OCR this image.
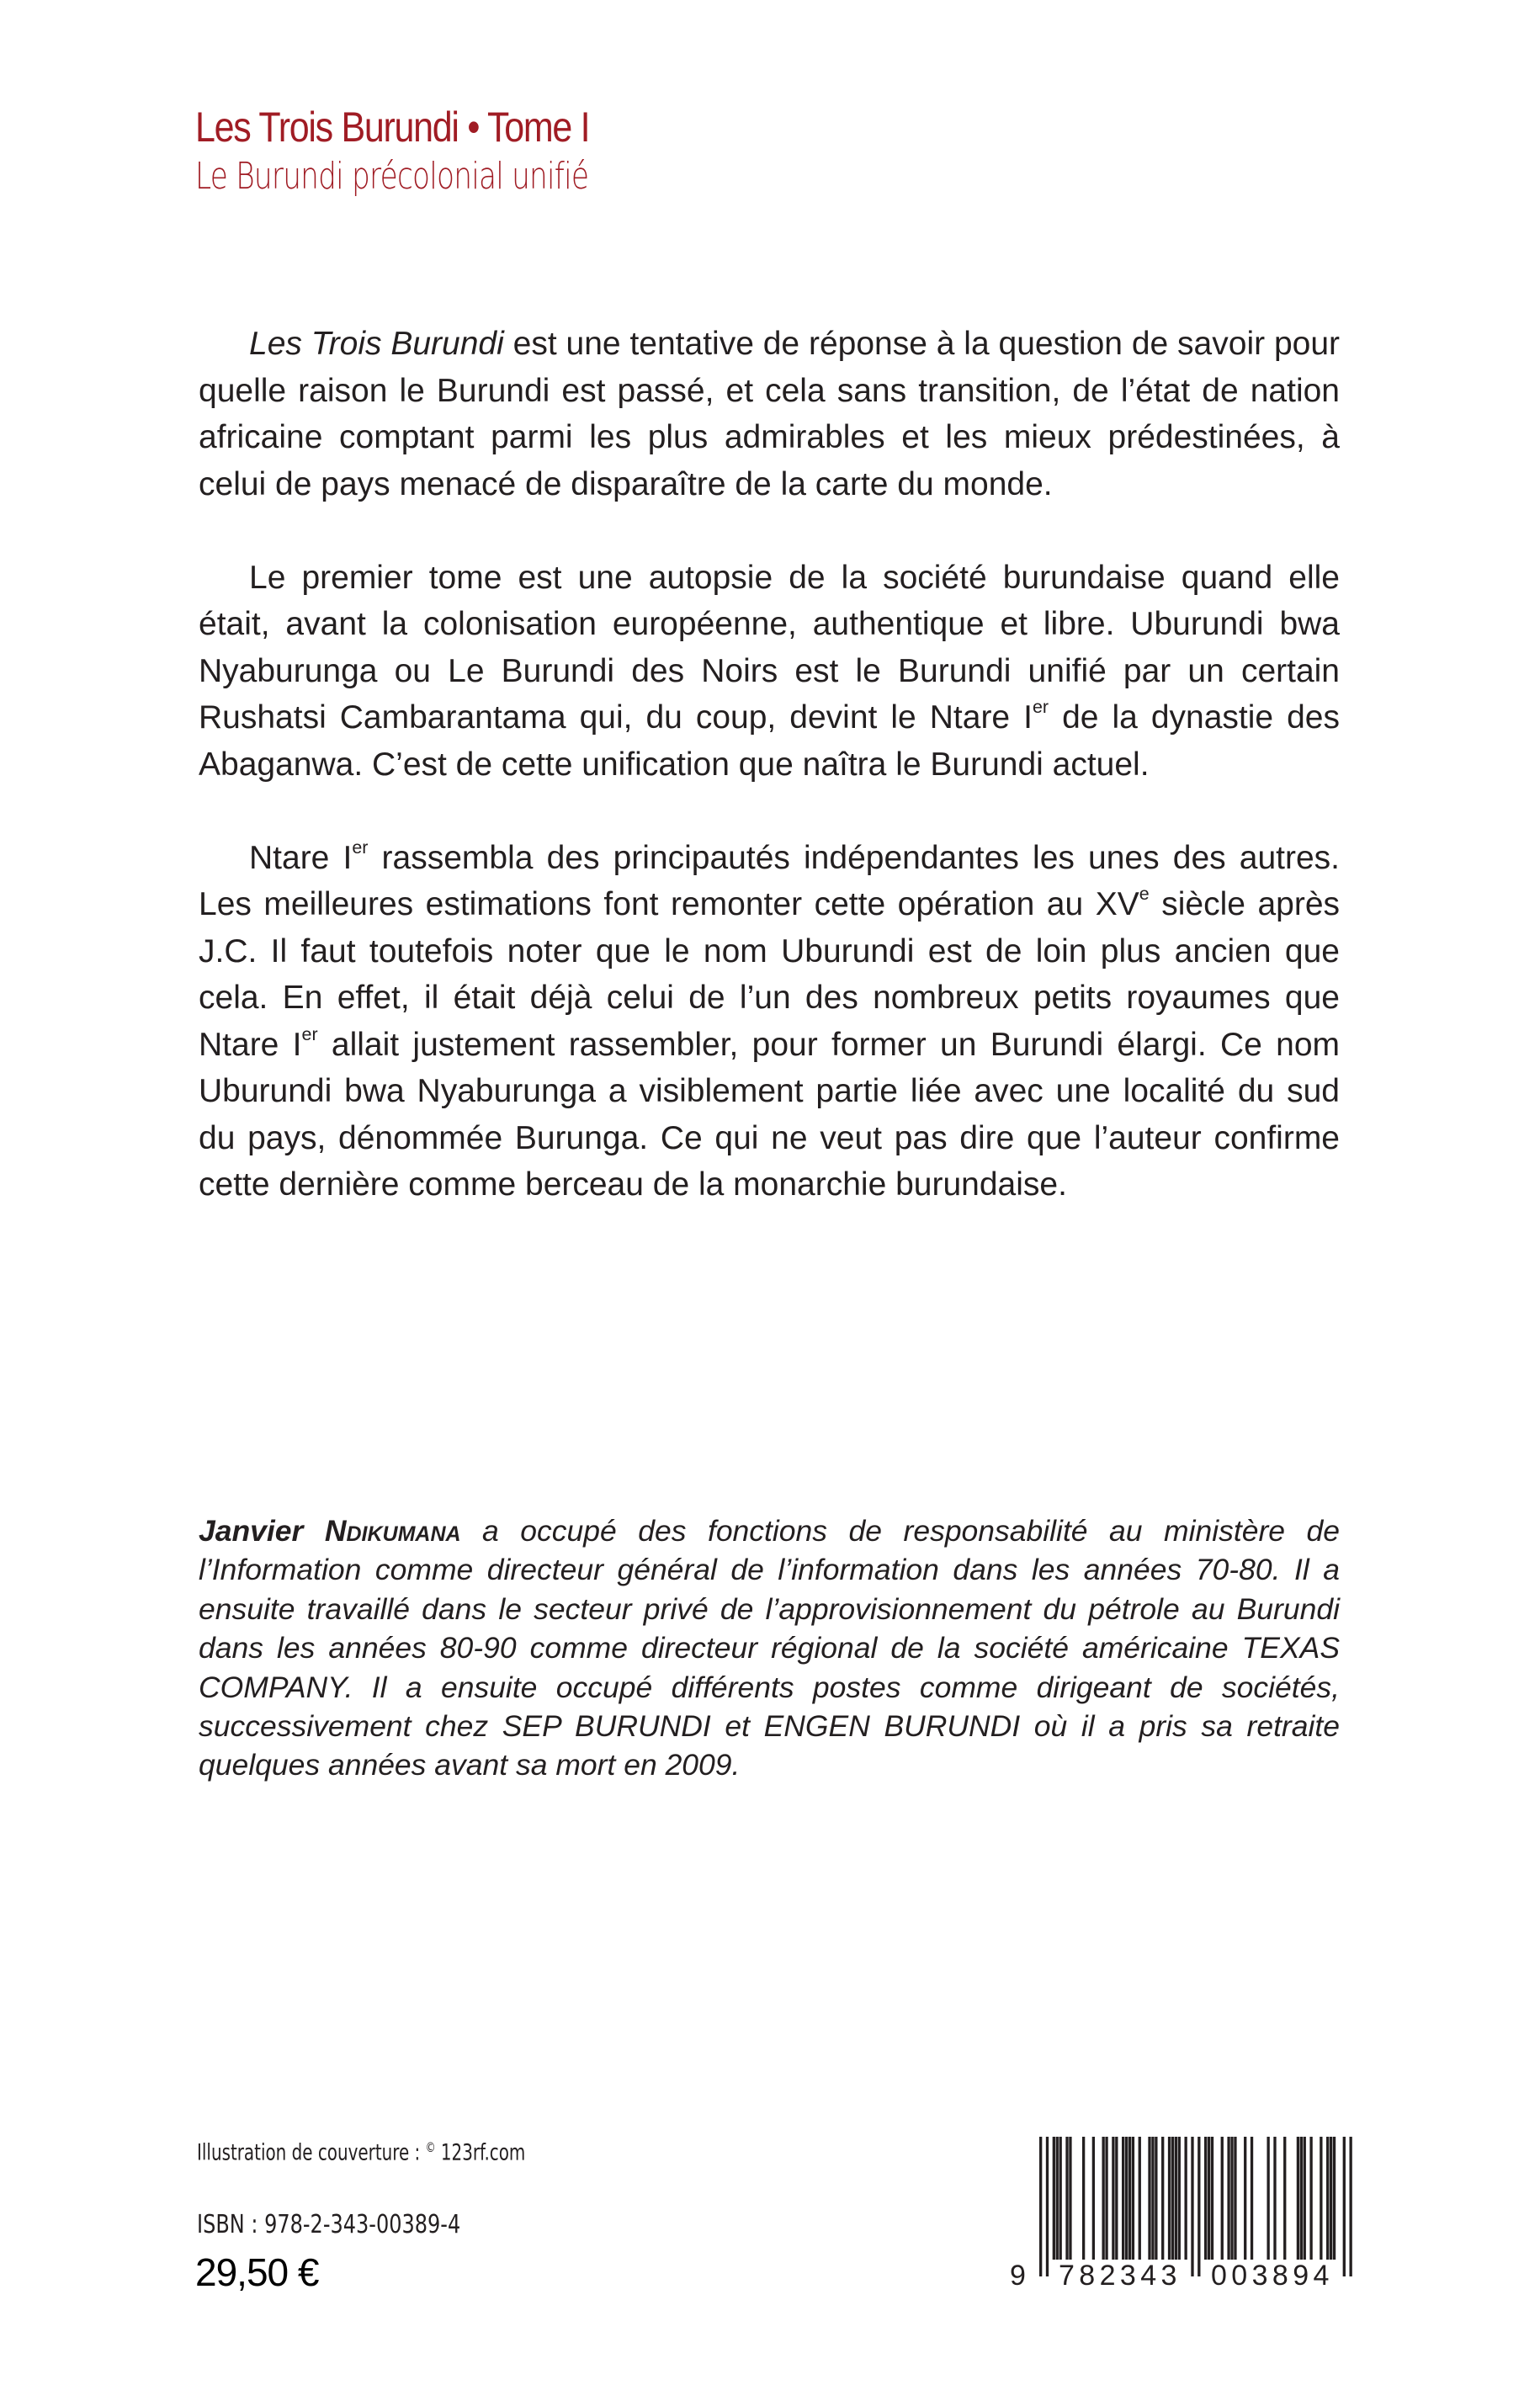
Les Trois Burundi • Tome I
Le Burundi précolonial unifié

Les Trois Burundi est une tentative de réponse à la question de savoir pour quelle raison le Burundi est passé, et cela sans transition, de l’état de nation africaine comptant parmi les plus admirables et les mieux prédestinées, à celui de pays menacé de disparaître de la carte du monde.

Le premier tome est une autopsie de la société burundaise quand elle était, avant la colonisation européenne, authentique et libre. Uburundi bwa Nyaburunga ou Le Burundi des Noirs est le Burundi unifié par un certain Rushatsi Cambarantama qui, du coup, devint le Ntare Ier de la dynastie des Abaganwa. C’est de cette unification que naîtra le Burundi actuel.

Ntare Ier rassembla des principautés indépendantes les unes des autres. Les meilleures estimations font remonter cette opération au XVe siècle après J.C. Il faut toutefois noter que le nom Uburundi est de loin plus ancien que cela. En effet, il était déjà celui de l’un des nombreux petits royaumes que Ntare Ier allait justement rassembler, pour former un Burundi élargi. Ce nom Uburundi bwa Nyaburunga a visiblement partie liée avec une localité du sud du pays, dénommée Burunga. Ce qui ne veut pas dire que l’auteur confirme cette dernière comme berceau de la monarchie burundaise.

Janvier Ndikumana a occupé des fonctions de responsabilité au ministère de l’Information comme directeur général de l’information dans les années 70-80. Il a ensuite travaillé dans le secteur privé de l’approvisionnement du pétrole au Burundi dans les années 80-90 comme directeur régional de la société américaine TEXAS COMPANY. Il a ensuite occupé différents postes comme dirigeant de sociétés, successivement chez SEP BURUNDI et ENGEN BURUNDI où il a pris sa retraite quelques années avant sa mort en 2009.

Illustration de couverture : © 123rf.com
ISBN : 978-2-343-00389-4
29,50 €	9 782343 003894
